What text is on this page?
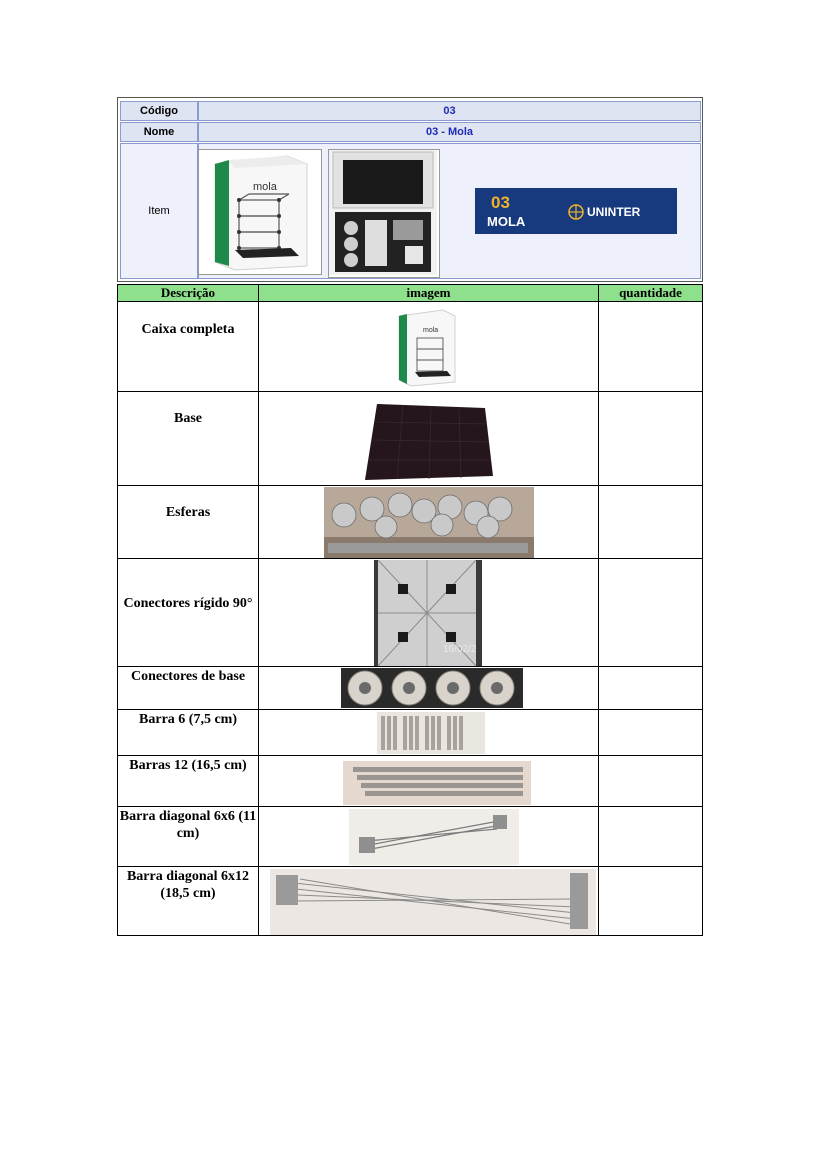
Código	03
Nome	03 - Mola
Item
mola
03
MOLA
UNINTER
Descrição	imagem	quantidade
Caixa completa	mola
Base
Esferas
Conectores rígido 90°
16/02/2
Conectores de base
Barra 6 (7,5 cm)
Barras 12 (16,5 cm)
Barra diagonal 6x6 (11 cm)
Barra diagonal 6x12 (18,5 cm)
